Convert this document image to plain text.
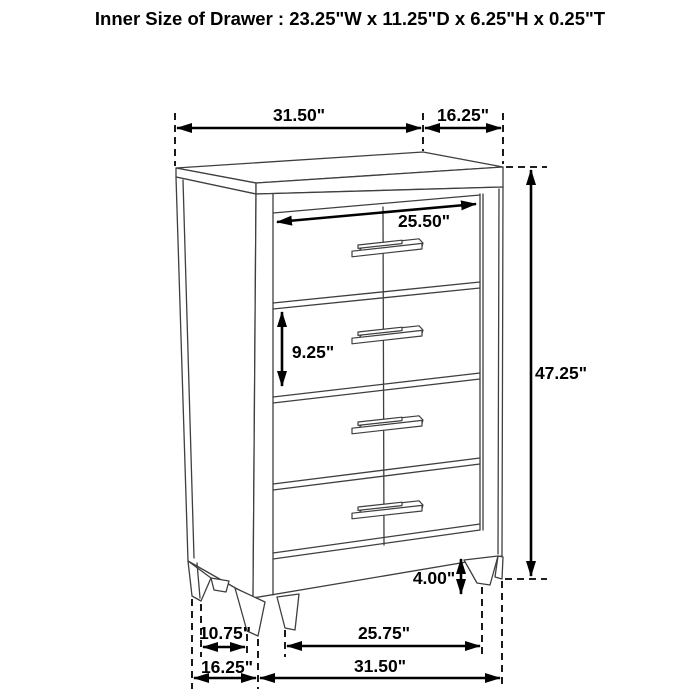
Inner Size of Drawer : 23.25"W x 11.25"D x 6.25"H x 0.25"T
31.50"	16.25"
25.50"
9.25"
47.25"
4.00"
10.75"
16.25"
25.75"
31.50"
